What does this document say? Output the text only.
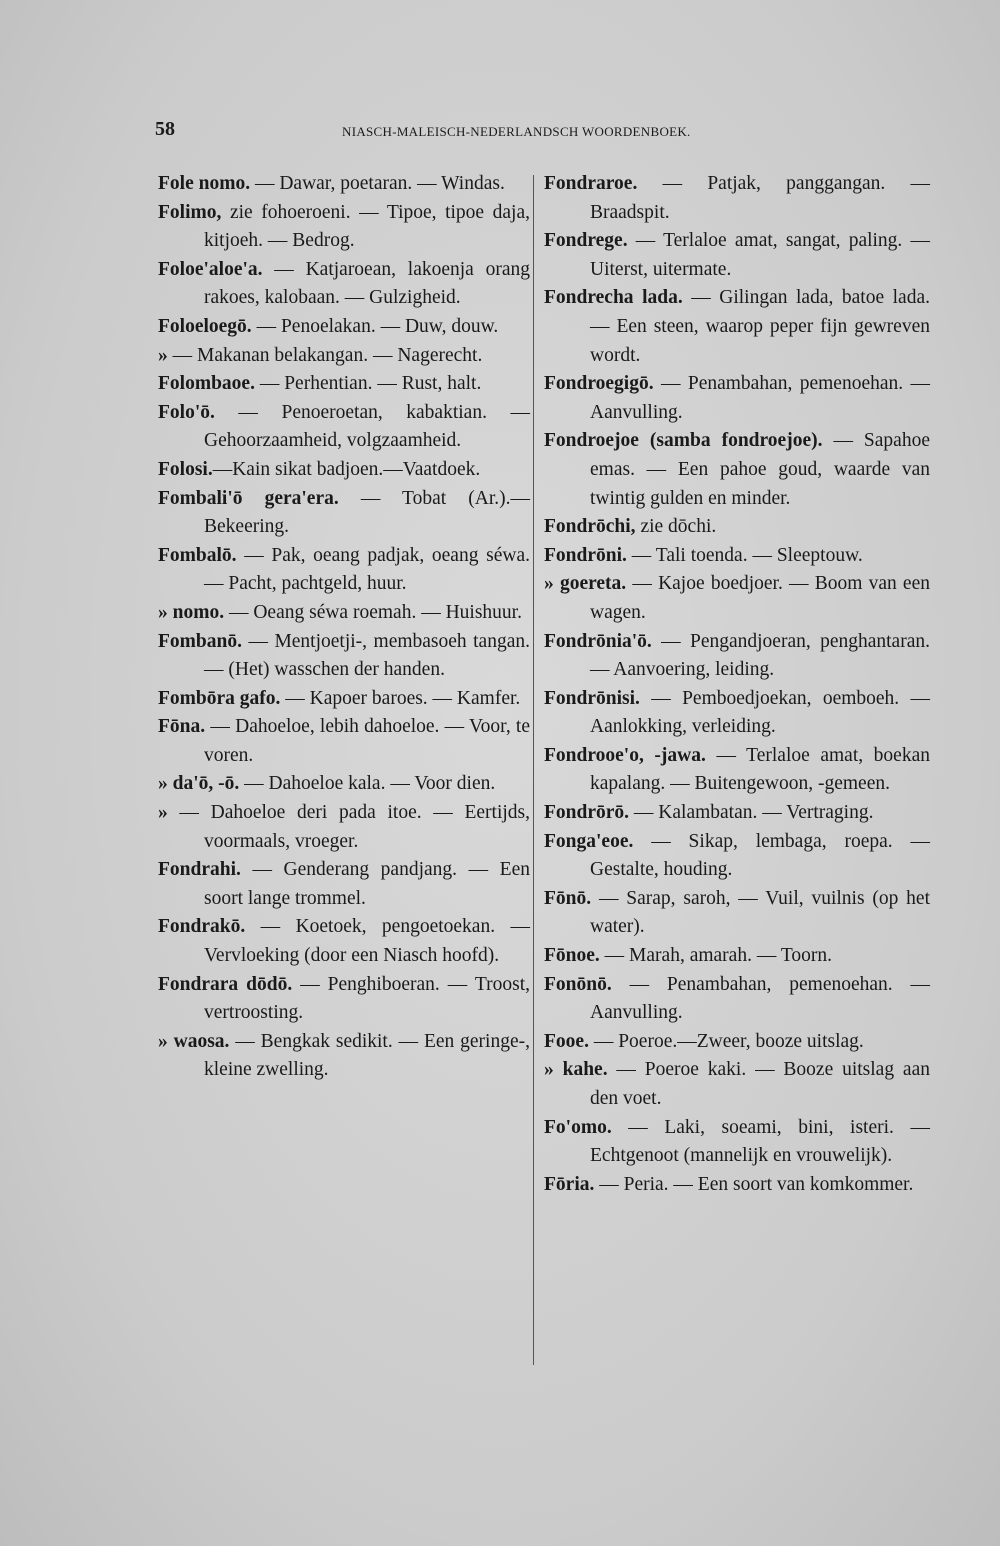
58	NIASCH-MALEISCH-NEDERLANDSCH WOORDENBOEK.
Fole nomo. — Dawar, poetaran. — Windas.
Folimo, zie fohoeroeni. — Tipoe, tipoe daja, kitjoeh. — Bedrog.
Foloe'aloe'a. — Katjaroean, lakoenja orang rakoes, kalobaan. — Gulzigheid.
Foloeloegō. — Penoelakan. — Duw, douw.
» — Makanan belakangan. — Nagerecht.
Folombaoe. — Perhentian. — Rust, halt.
Folo'ō. — Penoeroetan, kabaktian. — Gehoorzaamheid, volgzaamheid.
Folosi.—Kain sikat badjoen.—Vaatdoek.
Fombali'ō gera'era. — Tobat (Ar.).— Bekeering.
Fombalō. — Pak, oeang padjak, oeang séwa. — Pacht, pachtgeld, huur.
» nomo. — Oeang séwa roemah. — Huishuur.
Fombanō. — Mentjoetji-, membasoeh tangan. — (Het) wasschen der handen.
Fombōra gafo. — Kapoer baroes. — Kamfer.
Fōna. — Dahoeloe, lebih dahoeloe. — Voor, te voren.
» da'ō, -ō. — Dahoeloe kala. — Voor dien.
» — Dahoeloe deri pada itoe. — Eertijds, voormaals, vroeger.
Fondrahi. — Genderang pandjang. — Een soort lange trommel.
Fondrakō. — Koetoek, pengoetoekan. — Vervloeking (door een Niasch hoofd).
Fondrara dōdō. — Penghiboeran. — Troost, vertroosting.
» waosa. — Bengkak sedikit. — Een geringe-, kleine zwelling.
Fondraroe. — Patjak, panggangan. — Braadspit.
Fondrege. — Terlaloe amat, sangat, paling. — Uiterst, uitermate.
Fondrecha lada. — Gilingan lada, batoe lada. — Een steen, waarop peper fijn gewreven wordt.
Fondroegigō. — Penambahan, pemenoehan. — Aanvulling.
Fondroejoe (samba fondroejoe). — Sapahoe emas. — Een pahoe goud, waarde van twintig gulden en minder.
Fondrōchi, zie dōchi.
Fondrōni. — Tali toenda. — Sleeptouw.
» goereta. — Kajoe boedjoer. — Boom van een wagen.
Fondrōnia'ō. — Pengandjoeran, penghantaran. — Aanvoering, leiding.
Fondrōnisi. — Pemboedjoekan, oemboeh. — Aanlokking, verleiding.
Fondrooe'o, -jawa. — Terlaloe amat, boekan kapalang. — Buitengewoon, -gemeen.
Fondrōrō. — Kalambatan. — Vertraging.
Fonga'eoe. — Sikap, lembaga, roepa. — Gestalte, houding.
Fōnō. — Sarap, saroh, — Vuil, vuilnis (op het water).
Fōnoe. — Marah, amarah. — Toorn.
Fonōnō. — Penambahan, pemenoehan. — Aanvulling.
Fooe. — Poeroe.—Zweer, booze uitslag.
» kahe. — Poeroe kaki. — Booze uitslag aan den voet.
Fo'omo. — Laki, soeami, bini, isteri. — Echtgenoot (mannelijk en vrouwelijk).
Fōria. — Peria. — Een soort van komkommer.
